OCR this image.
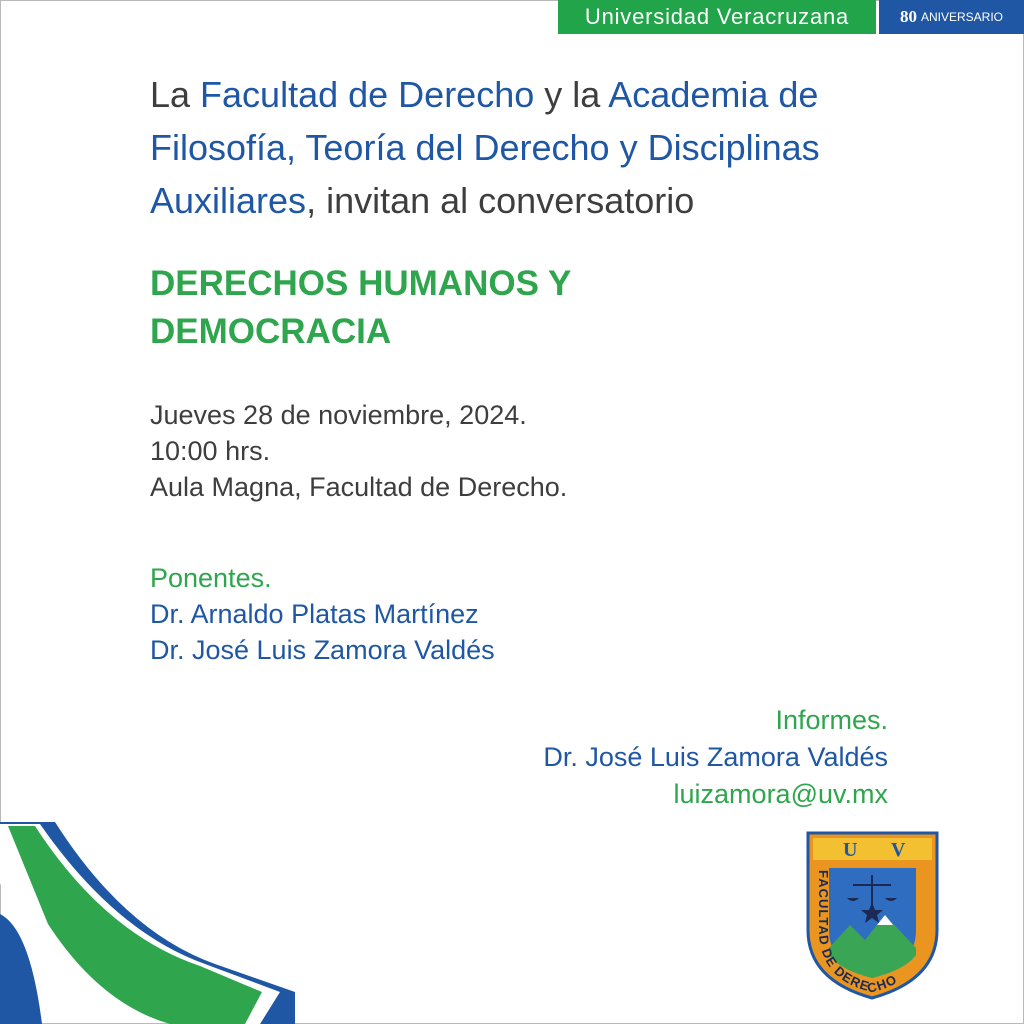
Universidad Veracruzana	80 ANIVERSARIO
La Facultad de Derecho y la Academia de Filosofía, Teoría del Derecho y Disciplinas Auxiliares, invitan al conversatorio
DERECHOS HUMANOS Y
DEMOCRACIA
Jueves 28 de noviembre, 2024.
10:00 hrs.
Aula Magna, Facultad de Derecho.
Ponentes.
Dr. Arnaldo Platas Martínez
Dr. José Luis Zamora Valdés
Informes.
Dr. José Luis Zamora Valdés
luizamora@uv.mx
U V
FACULTAD DE DERECHO
